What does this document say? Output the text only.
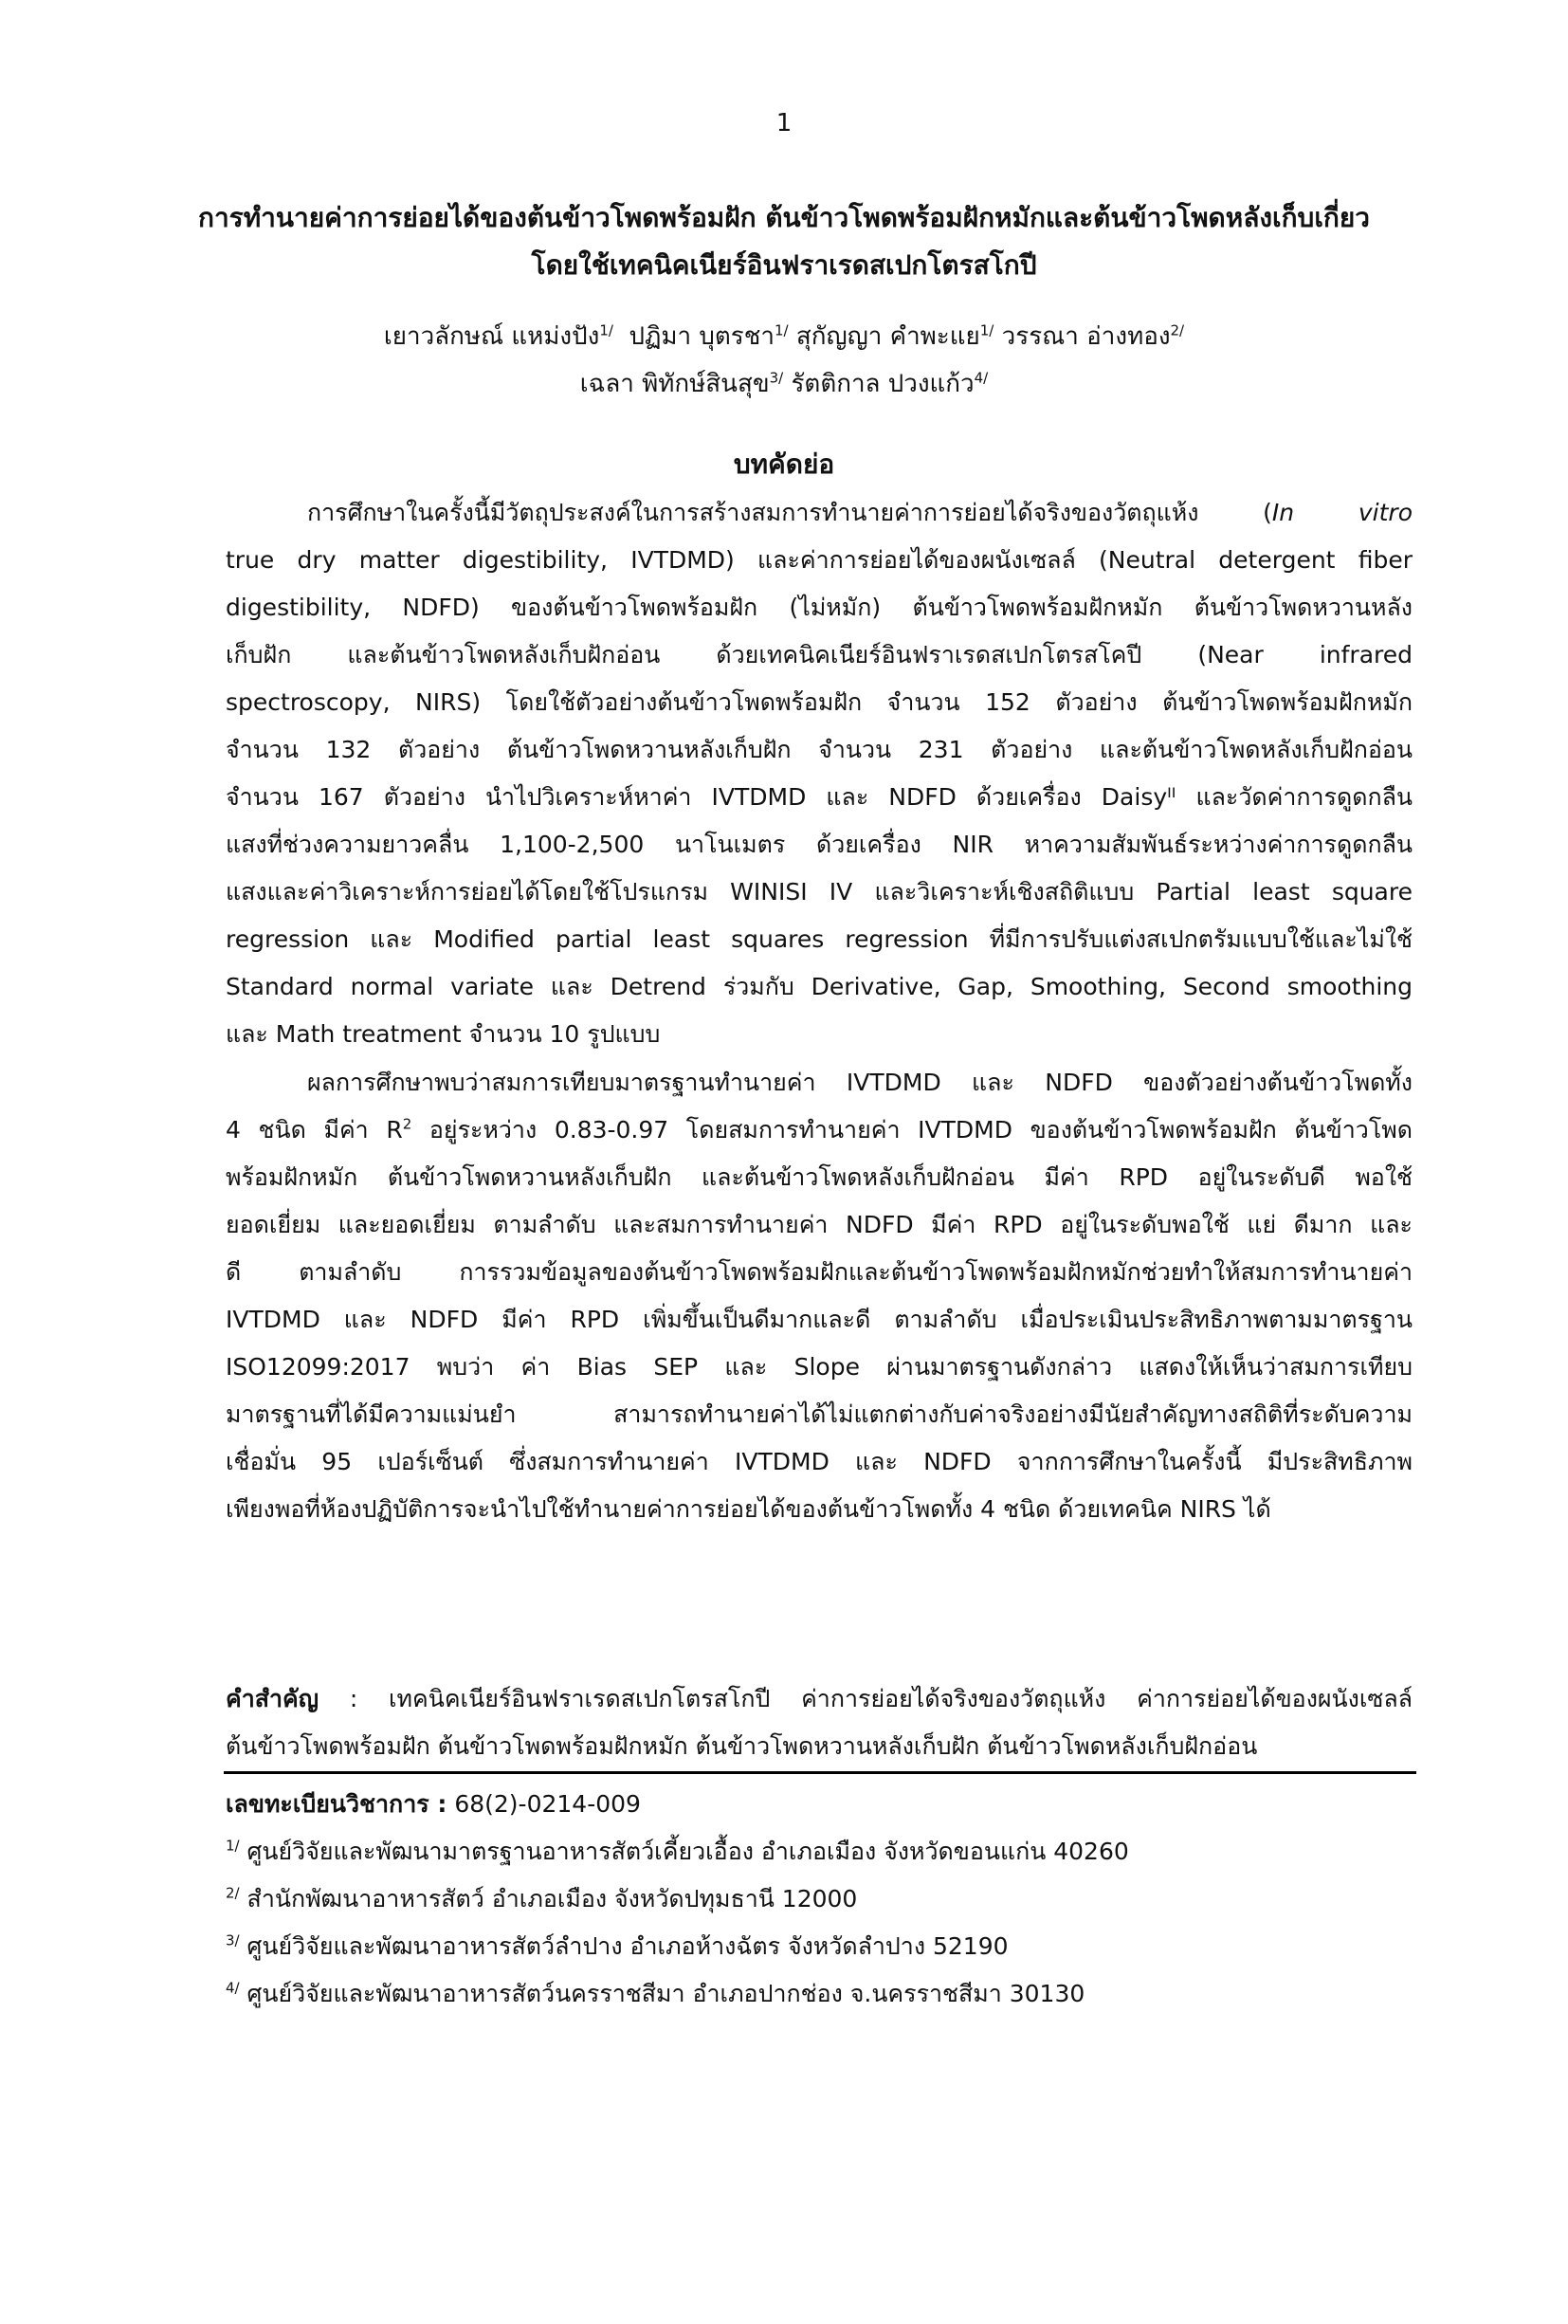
1
การทำนายค่าการย่อยได้ของต้นข้าวโพดพร้อมฝัก ต้นข้าวโพดพร้อมฝักหมักและต้นข้าวโพดหลังเก็บเกี่ยว
โดยใช้เทคนิคเนียร์อินฟราเรดสเปกโตรสโกปี
เยาวลักษณ์ แหม่งปัง$^{1/}$ ปฏิมา บุตรชา$^{1/}$ สุกัญญา คำพะแย$^{1/}$ วรรณา อ่างทอง$^{2/}$
เฉลา พิทักษ์สินสุข$^{3/}$ รัตติกาล ปวงแก้ว$^{4/}$
บทคัดย่อ
การศึกษาในครั้งนี้มีวัตถุประสงค์ในการสร้างสมการทำนายค่าการย่อยได้จริงของวัตถุแห้ง (In vitro
true dry matter digestibility, IVTDMD) และค่าการย่อยได้ของผนังเซลล์ (Neutral detergent fiber
digestibility, NDFD) ของต้นข้าวโพดพร้อมฝัก (ไม่หมัก) ต้นข้าวโพดพร้อมฝักหมัก ต้นข้าวโพดหวานหลัง
เก็บฝัก และต้นข้าวโพดหลังเก็บฝักอ่อน ด้วยเทคนิคเนียร์อินฟราเรดสเปกโตรสโคปี (Near infrared
spectroscopy, NIRS) โดยใช้ตัวอย่างต้นข้าวโพดพร้อมฝัก จำนวน 152 ตัวอย่าง ต้นข้าวโพดพร้อมฝักหมัก
จำนวน 132 ตัวอย่าง ต้นข้าวโพดหวานหลังเก็บฝัก จำนวน 231 ตัวอย่าง และต้นข้าวโพดหลังเก็บฝักอ่อน
จำนวน 167 ตัวอย่าง นำไปวิเคราะห์หาค่า IVTDMD และ NDFD ด้วยเครื่อง Daisyᴵᴵ และวัดค่าการดูดกลืน
แสงที่ช่วงความยาวคลื่น 1,100-2,500 นาโนเมตร ด้วยเครื่อง NIR หาความสัมพันธ์ระหว่างค่าการดูดกลืน
แสงและค่าวิเคราะห์การย่อยได้โดยใช้โปรแกรม WINISI IV และวิเคราะห์เชิงสถิติแบบ Partial least square
regression และ Modified partial least squares regression ที่มีการปรับแต่งสเปกตรัมแบบใช้และไม่ใช้
Standard normal variate และ Detrend ร่วมกับ Derivative, Gap, Smoothing, Second smoothing
และ Math treatment จำนวน 10 รูปแบบ
ผลการศึกษาพบว่าสมการเทียบมาตรฐานทำนายค่า IVTDMD และ NDFD ของตัวอย่างต้นข้าวโพดทั้ง
4 ชนิด มีค่า $R^2$ อยู่ระหว่าง 0.83-0.97 โดยสมการทำนายค่า IVTDMD ของต้นข้าวโพดพร้อมฝัก ต้นข้าวโพด
พร้อมฝักหมัก ต้นข้าวโพดหวานหลังเก็บฝัก และต้นข้าวโพดหลังเก็บฝักอ่อน มีค่า RPD อยู่ในระดับดี พอใช้
ยอดเยี่ยม และยอดเยี่ยม ตามลำดับ และสมการทำนายค่า NDFD มีค่า RPD อยู่ในระดับพอใช้ แย่ ดีมาก และ
ดี ตามลำดับ การรวมข้อมูลของต้นข้าวโพดพร้อมฝักและต้นข้าวโพดพร้อมฝักหมักช่วยทำให้สมการทำนายค่า
IVTDMD และ NDFD มีค่า RPD เพิ่มขึ้นเป็นดีมากและดี ตามลำดับ เมื่อประเมินประสิทธิภาพตามมาตรฐาน
ISO12099:2017 พบว่า ค่า Bias SEP และ Slope ผ่านมาตรฐานดังกล่าว แสดงให้เห็นว่าสมการเทียบ
มาตรฐานที่ได้มีความแม่นยำ สามารถทำนายค่าได้ไม่แตกต่างกับค่าจริงอย่างมีนัยสำคัญทางสถิติที่ระดับความ
เชื่อมั่น 95 เปอร์เซ็นต์ ซึ่งสมการทำนายค่า IVTDMD และ NDFD จากการศึกษาในครั้งนี้ มีประสิทธิภาพ
เพียงพอที่ห้องปฏิบัติการจะนำไปใช้ทำนายค่าการย่อยได้ของต้นข้าวโพดทั้ง 4 ชนิด ด้วยเทคนิค NIRS ได้
คำสำคัญ : เทคนิคเนียร์อินฟราเรดสเปกโตรสโกปี ค่าการย่อยได้จริงของวัตถุแห้ง ค่าการย่อยได้ของผนังเซลล์
ต้นข้าวโพดพร้อมฝัก ต้นข้าวโพดพร้อมฝักหมัก ต้นข้าวโพดหวานหลังเก็บฝัก ต้นข้าวโพดหลังเก็บฝักอ่อน
เลขทะเบียนวิชาการ : 68(2)-0214-009
$^{1/}$ ศูนย์วิจัยและพัฒนามาตรฐานอาหารสัตว์เคี้ยวเอื้อง อำเภอเมือง จังหวัดขอนแก่น 40260
$^{2/}$ สำนักพัฒนาอาหารสัตว์ อำเภอเมือง จังหวัดปทุมธานี 12000
$^{3/}$ ศูนย์วิจัยและพัฒนาอาหารสัตว์ลำปาง อำเภอห้างฉัตร จังหวัดลำปาง 52190
$^{4/}$ ศูนย์วิจัยและพัฒนาอาหารสัตว์นครราชสีมา อำเภอปากช่อง จ.นครราชสีมา 30130
